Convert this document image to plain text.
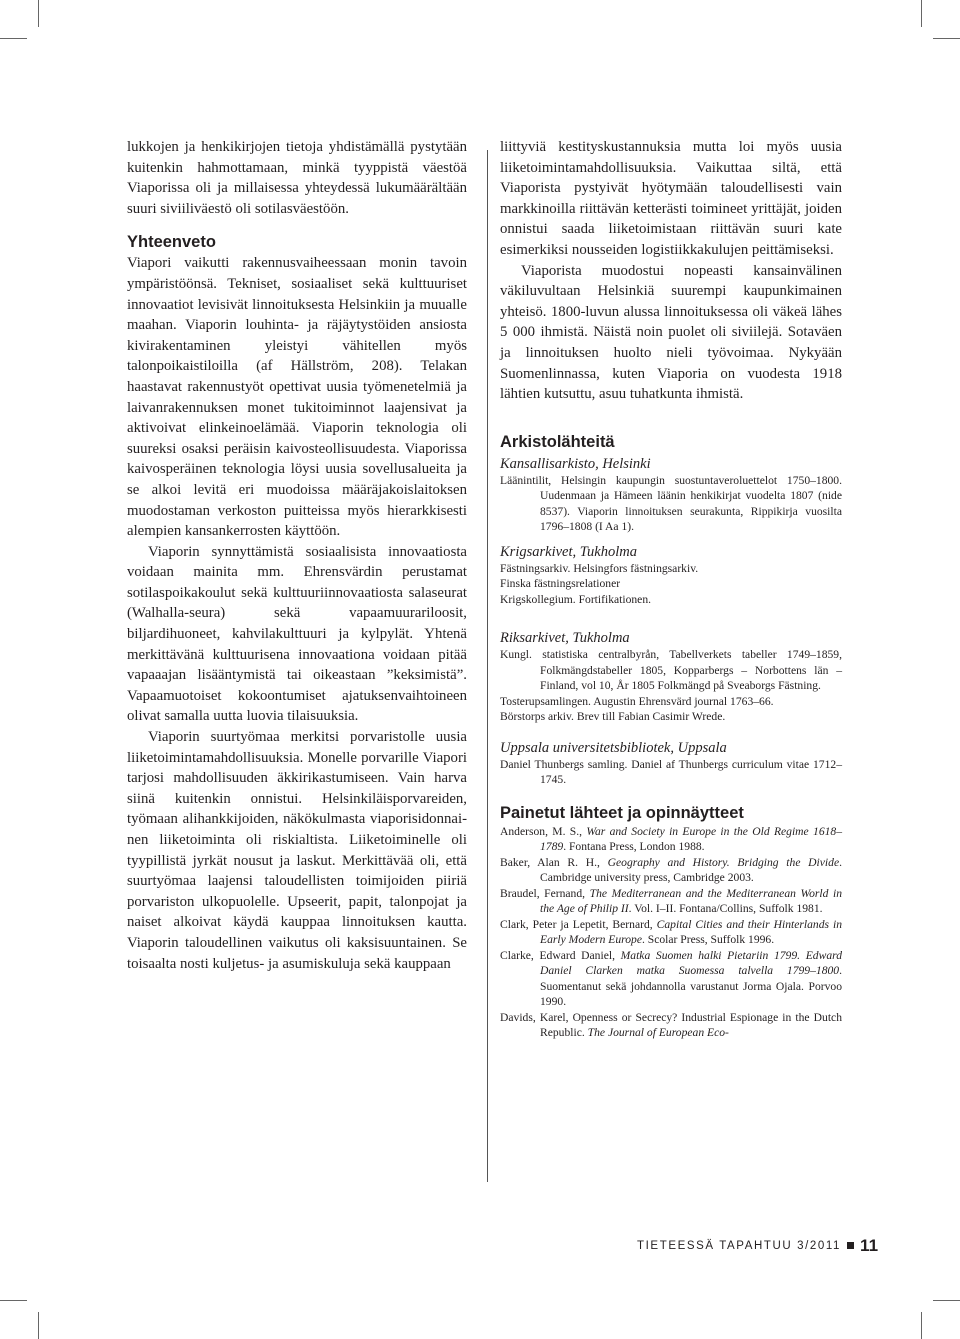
lukkojen ja henkikirjojen tietoja yhdistämällä pystytään kuitenkin hahmottamaan, minkä tyyppistä väestöä Viaporissa oli ja millaisessa yhteydessä lukumäärältään suuri siviiliväestö oli sotilasväestöön.

Yhteenveto

Viapori vaikutti rakennusvaiheessaan monin tavoin ympäristöönsä. Tekniset, sosiaaliset sekä kulttuuriset innovaatiot levisivät linnoituksesta Helsinkiin ja muualle maahan. Viaporin louhinta- ja räjäytystöiden ansiosta kivirakentaminen yleistyi vähitellen myös talonpoikaistiloilla (af Hällström, 208). Telakan haastavat rakennustyöt opettivat uusia työmenetelmiä ja laivanrakennuksen monet tukitoiminnot laajensivat ja aktivoivat elinkeinoelämää. Viaporin teknologia oli suureksi osaksi peräisin kaivosteollisuudesta. Viaporissa kaivosperäinen teknologia löysi uusia sovellusalueita ja se alkoi levitä eri muodoissa määräjakoislaitoksen muodostaman verkoston puitteissa myös hierarkkisesti alempien kansankerrosten käyttöön.

Viaporin synnyttämistä sosiaalisista innovaatiosta voidaan mainita mm. Ehrensvärdin perustamat sotilaspoikakoulut sekä kulttuuriinnovaatiosta salaseurat (Walhalla-seura) sekä vapaamuurariloosit, biljardihuoneet, kahvilakulttuuri ja kylpylät. Yhtenä merkittävänä kulttuurisena innovaationa voidaan pitää vapaaajan lisääntymistä tai oikeastaan ”keksimistä”. Vapaamuotoiset kokoontumiset ajatuksenvaihtoineen olivat samalla uutta luovia tilaisuuksia.

Viaporin suurtyömaa merkitsi porvaristolle uusia liiketoimintamahdollisuuksia. Monelle porvarille Viapori tarjosi mahdollisuuden äkkirikastumiseen. Vain harva siinä kuitenkin onnistui. Helsinkiläisporvareiden, työmaan alihankkijoiden, näkökulmasta viaporisidonnainen liiketoiminta oli riskialtista. Liiketoiminelle oli tyypillistä jyrkät nousut ja laskut. Merkittävää oli, että suurtyömaa laajensi taloudellisten toimijoiden piiriä porvariston ulkopuolelle. Upseerit, papit, talonpojat ja naiset alkoivat käydä kauppaa linnoituksen kautta. Viaporin taloudellinen vaikutus oli kaksisuuntainen. Se toisaalta nosti kuljetus- ja asumiskuluja sekä kauppaan

liittyviä kestityskustannuksia mutta loi myös uusia liiketoimintamahdollisuuksia. Vaikuttaa siltä, että Viaporista pystyivät hyötymään taloudellisesti vain markkinoilla riittävän ketterästi toimineet yrittäjät, joiden onnistui saada liiketoimistaan riittävän suuri kate esimerkiksi nousseiden logistiikkakulujen peittämiseksi.

Viaporista muodostui nopeasti kansainvälinen väkiluvultaan Helsinkiä suurempi kaupunkimainen yhteisö. 1800-luvun alussa linnoituksessa oli väkeä lähes 5 000 ihmistä. Näistä noin puolet oli siviilejä. Sotaväen ja linnoituksen huolto nieli työvoimaa. Nykyään Suomenlinnassa, kuten Viaporia on vuodesta 1918 lähtien kutsuttu, asuu tuhatkunta ihmistä.

Arkistolähteitä

Kansallisarkisto, Helsinki

Läänintilit, Helsingin kaupungin suostuntaveroluettelot 1750–1800. Uudenmaan ja Hämeen läänin henkikirjat vuodelta 1807 (nide 8537). Viaporin linnoituksen seurakunta, Rippikirja vuosilta 1796–1808 (I Aa 1).

Krigsarkivet, Tukholma

Fästningsarkiv. Helsingfors fästningsarkiv.

Finska fästningsrelationer

Krigskollegium. Fortifikationen.

Riksarkivet, Tukholma

Kungl. statistiska centralbyrån, Tabellverkets tabeller 1749–1859, Folkmängdstabeller 1805, Kopparbergs – Norbottens län – Finland, vol 10, År 1805 Folkmängd på Sveaborgs Fästning.

Tosterupsamlingen. Augustin Ehrensvärd journal 1763–66.

Börstorps arkiv. Brev till Fabian Casimir Wrede.

Uppsala universitetsbibliotek, Uppsala

Daniel Thunbergs samling. Daniel af Thunbergs curriculum vitae 1712–1745.

Painetut lähteet ja opinnäytteet

Anderson, M. S., War and Society in Europe in the Old Regime 1618–1789. Fontana Press, London 1988.

Baker, Alan R. H., Geography and History. Bridging the Divide. Cambridge university press, Cambridge 2003.

Braudel, Fernand, The Mediterranean and the Mediterranean World in the Age of Philip II. Vol. I–II. Fontana/Collins, Suffolk 1981.

Clark, Peter ja Lepetit, Bernard, Capital Cities and their Hinterlands in Early Modern Europe. Scolar Press, Suffolk 1996.

Clarke, Edward Daniel, Matka Suomen halki Pietariin 1799. Edward Daniel Clarken matka Suomessa talvella 1799–1800. Suomentanut sekä johdannolla varustanut Jorma Ojala. Porvoo 1990.

Davids, Karel, Openness or Secrecy? Industrial Espionage in the Dutch Republic. The Journal of European Eco-

TIETEESSÄ TAPAHTUU 3/2011 11
